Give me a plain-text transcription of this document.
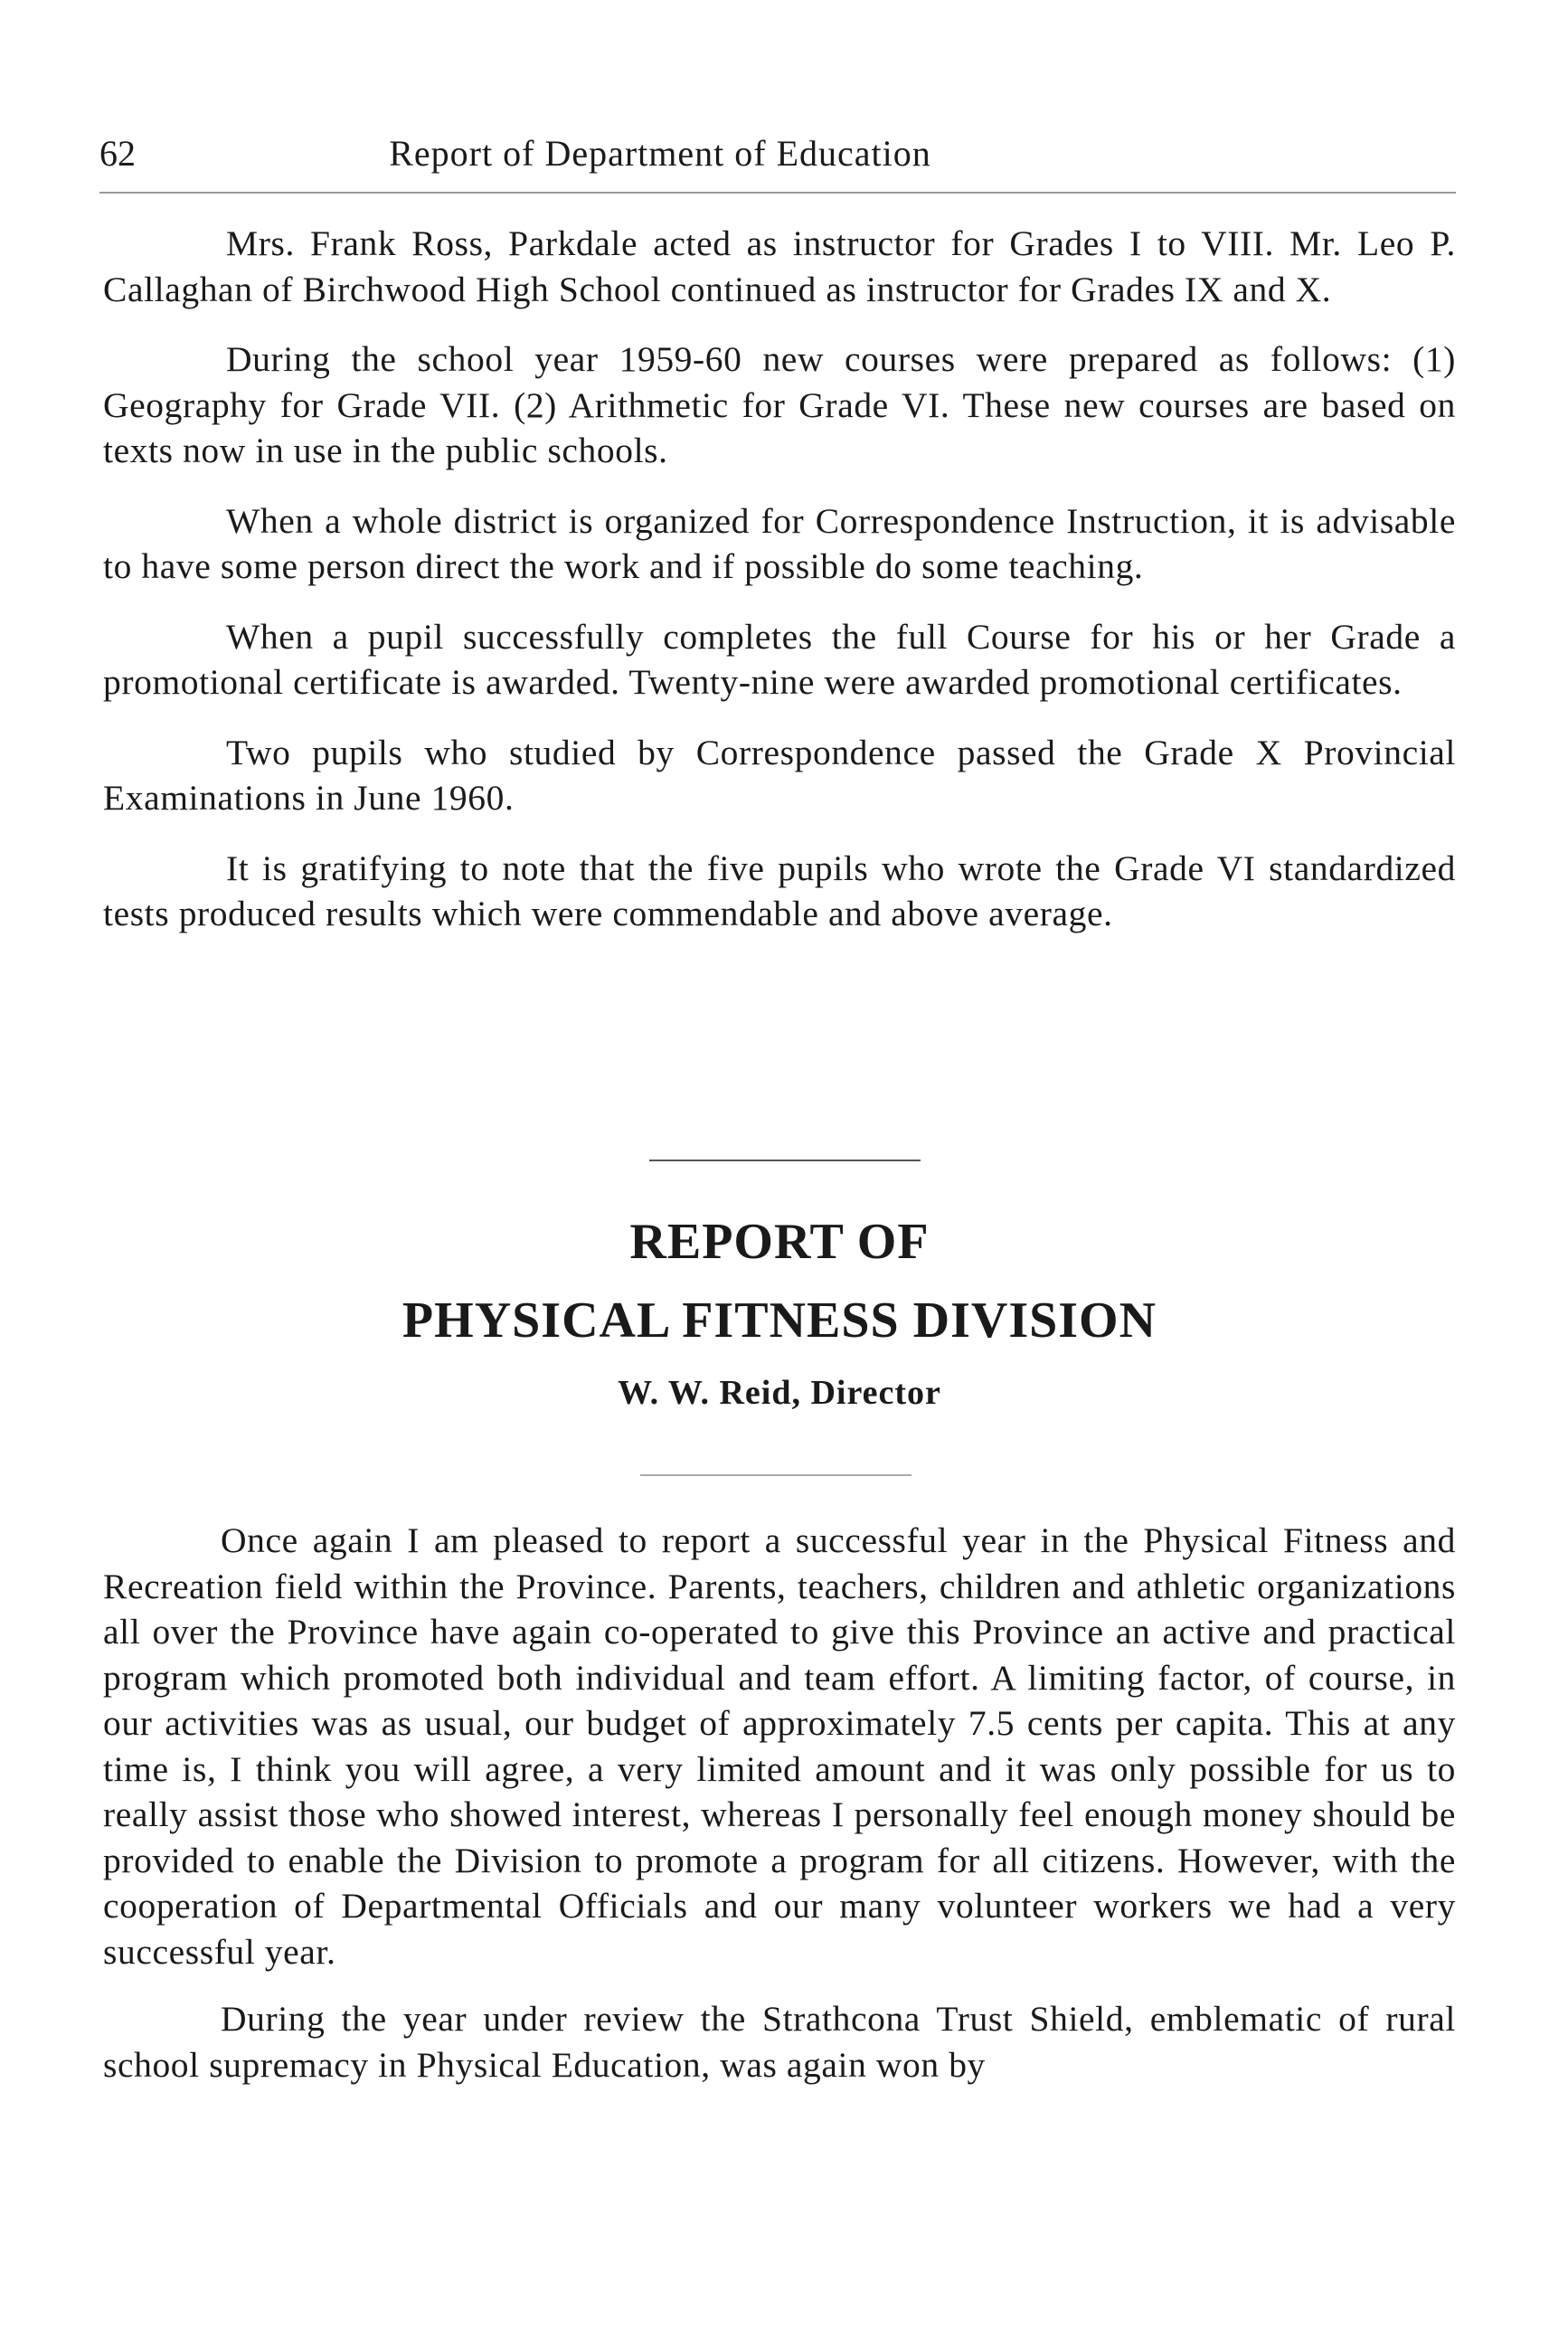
62	Report of Department of Education

Mrs. Frank Ross, Parkdale acted as instructor for Grades I to VIII. Mr. Leo P. Callaghan of Birchwood High School continued as instructor for Grades IX and X.

During the school year 1959-60 new courses were prepared as follows: (1) Geography for Grade VII. (2) Arithmetic for Grade VI. These new courses are based on texts now in use in the public schools.

When a whole district is organized for Correspondence Instruction, it is advisable to have some person direct the work and if possible do some teaching.

When a pupil successfully completes the full Course for his or her Grade a promotional certificate is awarded. Twenty-nine were awarded promotional certificates.

Two pupils who studied by Correspondence passed the Grade X Provincial Examinations in June 1960.

It is gratifying to note that the five pupils who wrote the Grade VI standardized tests produced results which were commendable and above average.

REPORT OF
PHYSICAL FITNESS DIVISION
W. W. Reid, Director

Once again I am pleased to report a successful year in the Physical Fitness and Recreation field within the Province. Parents, teachers, children and athletic organizations all over the Province have again co-operated to give this Province an active and practical program which promoted both individual and team effort. A limiting factor, of course, in our activities was as usual, our budget of approximately 7.5 cents per capita. This at any time is, I think you will agree, a very limited amount and it was only possible for us to really assist those who showed interest, whereas I personally feel enough money should be provided to enable the Division to promote a program for all citizens. However, with the cooperation of Departmental Officials and our many volunteer workers we had a very successful year.

During the year under review the Strathcona Trust Shield, emblematic of rural school supremacy in Physical Education, was again won by
